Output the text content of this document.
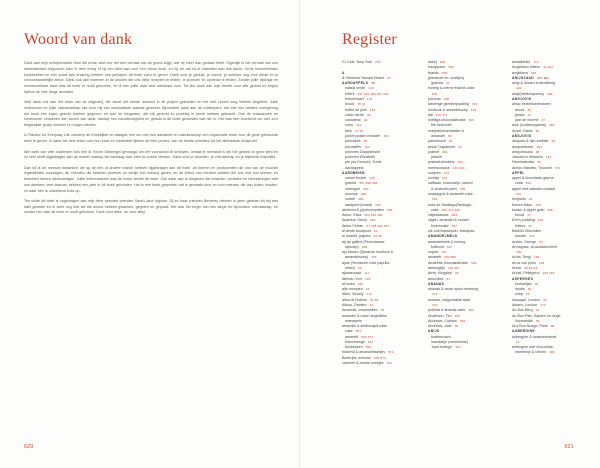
Woord van dank

Dank aan mijn schrijvenzakel Noel die ervan wist hoe het een verhaal van de grond krijgt, wat hij meer dan gedaan heeft. Eigenlijk is het verhaal van ons samenwerken begonnen toen ik hem vroeg of hij een idee had voor een nieuw boek, en hij zei dat hij al maanden aan iets dacht. Grote hoeveelheden kookboeken en een schat aan ervaring hebben ons geholpen dit boek vorm te geven. Dank voor je geduld, je humor, je scherpe oog voor detail en je onvoorwaardelijke steun. Dank ook aan iedereen in de keuken die ons hielp recepten te testen, te proeven en opnieuw te testen. Zonder jullie bijdrage en onvermoeibare inzet was dit boek er nooit gekomen, en ik ben jullie daar zeer dankbaar voor. Tot slot dank aan mijn familie voor alle geduld en begrip tijdens de vele lange avonden.

Veel dank ook aan het team van de uitgeverij, die vanaf het eerste moment in dit project geloofden en het met zoveel zorg hebben begeleid. Jullie vertrouwen en jullie vakmanschap zijn voor mij van onschatbare waarde geweest. Bijzondere dank aan de ontwerpers, die met hun heldere vormgeving het boek een eigen gezicht hebben gegeven, en aan de fotografen, die elk gerecht zo prachtig in beeld hebben gebracht. Ook de redacteuren en correctoren verdienen een woord van dank: dankzij hun nauwkeurigheid en geduld is dit boek geworden wat het is. Het was een voorrecht om met zo'n toegewijde groep mensen te mogen werken.

A Practice for Everyday Life ontwierp de Kookbijbel en slaagde erin om met hun aandacht en vakmanschap een organisatie boek voor dit grote gebouwde werk te geven. Ik dank het hele team voor hun inzet en creativiteit tijdens dit hele proces, van de eerste schetsen tot het allerlaatste drukproef.

Alle werk van vele duizenden foto heb ik Yorum Ottolenghi gevraagd om het voorwoord te schrijven, omdat er niemand is die het gebied zo goed kent en zo veel heeft bijgedragen aan de manier waarop we vandaag over eten en koken denken. Dank voor je woorden, je vriendschap en je blijvende inspiratie.

Dan wil ik de mensen bedanken die op de een of andere manier hebben bijgedragen aan dit boek: de boeren en producenten die ons van de mooiste ingrediënten voorzagen, de vrienden die kwamen proeven en eerlijk hun mening gaven, en de lezers van eerdere boeken die ons met hun brieven en berichten bleven aanmoedigen. Jullie enthousiasme was de motor achter dit werk. Ook dank aan al diegenen die recepten, verhalen en herinneringen met ons deelden; veel daarvan hebben een plek in dit boek gevonden. Het is een boek geworden dat is gemaakt door en voor mensen die van koken houden, en daar ben ik ontzettend trots op.

Ten slotte dit boek is opgedragen aan mijn lieve speciale vrienden Sarah-Jane Ingham. Zij en haar vrienden Beverley hebben in jaren geleden bij mij aan tafel gezeten en ik weet nog hoe we die avond hebben gelachen, gegeten en gepraat. Het was het begin van een lange en bijzondere vriendschap, en zonder hen was dit boek er nooit gekomen. Dank voor alles, en voor altijd.

620
Register
621
21 Club, New York 278

A
A Streetcar Named Desire 87
AARDAPPELS 15
bataat verde 143
bibb's 151 184 186 187 192
boerentaart 175
brood 35 41
buffet de pois 163
caldo verde 49
canadese 92
curry 112
farls 37 49
jacket potato chowder 152
pancakes 35
piccadiller 162
pommes Dauphinoise
pommes Elizabeth
pie pot Gnocchi, Zoete
Aardappels
AARDBEIEN
crème brulee 438
granita 467 495 498
meringue 502
mousse 508
sorbet 494
aardpeer(roodst) 150
abrikoos & pijnboompitten 454
Acton, Eliza 454 456 466
Adamus, Henry 264
Adria, Ferran 57 168 309 537
al dente kookpunt 62
al arrabbi, papera 35 48
aji de gallina (Peruviaanse
kipsoep) 209
ajo blanco (Spaanse knoflook &
amandelsoep) 154
ajvar (Servische rode paprika
relish) 96
ajowanzaad 117
Alfredo, Ken 195
ali bubu 485
alle recepten 23
Allen, Woody 174
alloci di Dottore 51 53
Allsop, Damien 34
Amandel, oxssmelken 35
amandel & rozen angtolikke
marsepein
amandel & abrikoospit-rolse
cake 501
amaretti 503 573
blancmange 522
bosbessen 500
biokend & amandeltaartjes 571
Butterjes, schotse 569 573
caramel & zwarte koekjes 443
dakej 498
frangipane 506
friandz 525
gebrande en -koekjes)
granola 31
honing & crème fraîche-cake
531
jocondo 356
kleverige gemberpudding 472
knoflook & amandelsoep 154
lait 470 471
snelliga chocoladecake 526
file bechouth
oranjebloesemwater &
amandel 90
pannekone 81
pesto Trapanese 94
praline 462
praliné
pralinal-binniche 460
romescosaus 439 493
rozijnen 470
rocetja 131
saffraan, rozemarijn, karwei
& amandel-peer 469
sinasappel & amandel-cake
522
torta de Santiago(Santiago-
cake 491 472 480
visjesdaluwe 484
vijgen, amandel & rooster
bloemcake 597
zie ook Marsepein; Marsipan
AMANDELMELK
amandelmelk & honing-
tollbroot 527
orgeat 157
amaretti 503 580
Amaretto chocoladecake 504
amborgrijs 464 467
Amis, Kingsley 45
amuzikes 81
ANANAS
ananas & ceder spice-dressing
473
ananas, ontgonaakte taart
472
polenta & ananas-cake 493
Anderson, Tim 155
Andrews, Colman 158
Andrews, Julie 65
ANIJS
butterscotch
mandarijn (clementine)
'hard boliege' 497
anisalientie 173
Angelotius bitters 44 494
anijslikeur 481
ANIJSZAAD 417 491
anijs & sesam kruimelkeeg
422
anijs(toetbonpanes) 499
ANSJOVIS
ansjo berkeltoeterstoren
brood 35
jansie 41
pan de muerte 27
anis (holdseorganes) 451
Ansel, David 38
ANSJOVIS
ansjovis & rijm-cobbler 94
ansjovisboter 163
ansjovissaus 98
Jansson's frestelse 162
Panchadrolas 35
Anrico Masetto, Toscane 371
APPEL
appel & chocolade-garma
cotta 521
appel met sabodru-custard
437
beignets 34
bourre blanc 458
braam & appel gelei 456
brood 27
Eve's pudding 454
fritters 34
Bashful-Bluchdinn
strudel 470
Arcles, George 94
Armagnac, chocoladecrème
460
Arola, Sergi 159
arroz con pollo 194
Artusi 80 81 83
Artusi, Pellegrino 150 169
ASPERGES
krokantjes 76
risotto 84
soep 69
Aswagal, London 49
Asterix, London 172
Au Bon Berg 24
Au Bon Pain, Bavarri en-Auge,
Normandië 93
Aux Bon Nuage, Paris 84
AUBERGINE
aubergine & haasbechamel
61
aubergine met chocolade,
muntenijn & citroen 486
